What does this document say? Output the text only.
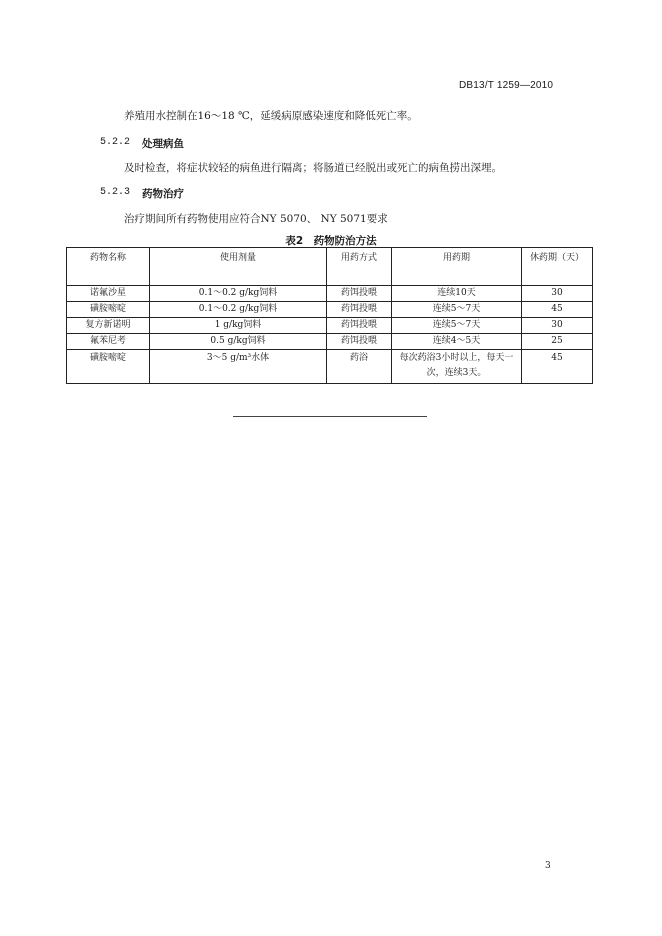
DB13/T 1259—2010
养殖用水控制在16～18 ℃，延缓病原感染速度和降低死亡率。
5.2.2 处理病鱼
及时检查，将症状较轻的病鱼进行隔离；将肠道已经脱出或死亡的病鱼捞出深埋。
5.2.3 药物治疗
治疗期间所有药物使用应符合NY 5070、 NY 5071要求
表2　药物防治方法
药物名称	使用剂量	用药方式	用药期	休药期（天）
诺氟沙星	0.1～0.2 g/kg饲料	药饵投喂	连续10天	30
磺胺嘧啶	0.1～0.2 g/kg饲料	药饵投喂	连续5～7天	45
复方新诺明	1 g/kg饲料	药饵投喂	连续5～7天	30
氟苯尼考	0.5 g/kg饲料	药饵投喂	连续4～5天	25
磺胺嘧啶	3～5 g/m³水体	药浴	每次药浴3小时以上，每天一次，连续3天。	45
3
